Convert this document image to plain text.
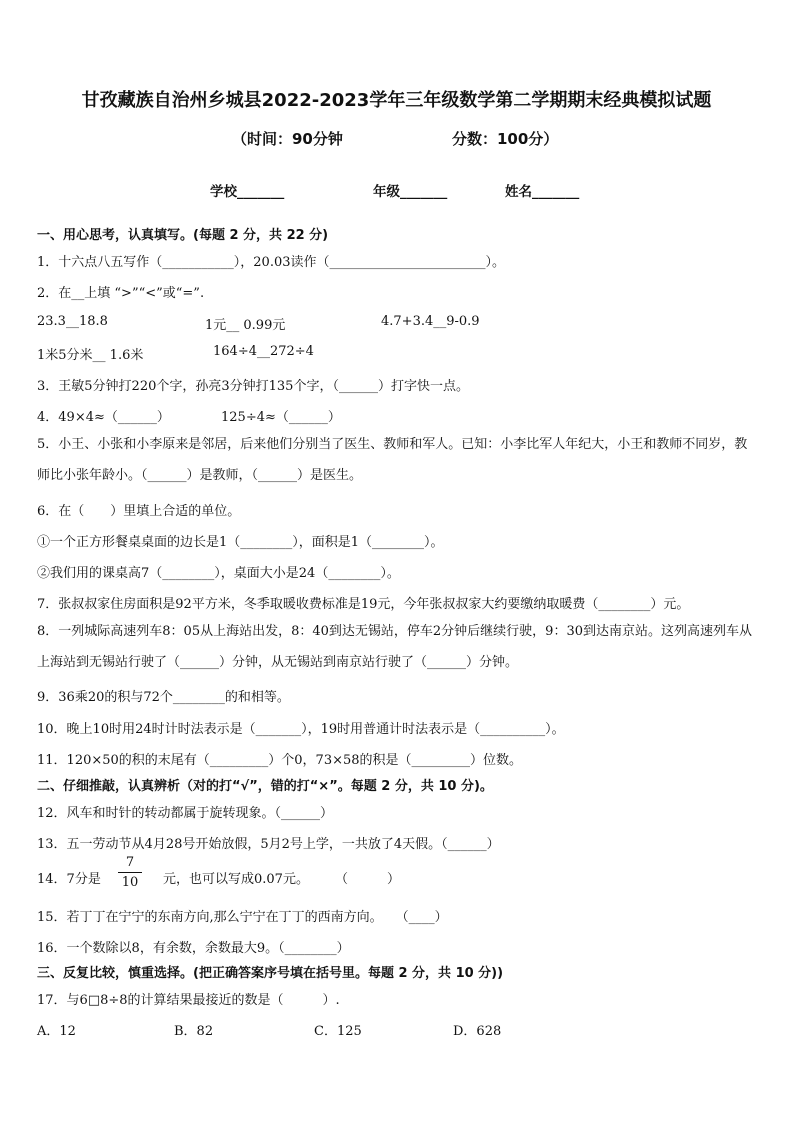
甘孜藏族自治州乡城县2022-2023学年三年级数学第二学期期末经典模拟试题
（时间：90分钟	分数：100分）
学校_______	年级_______	姓名_______
一、用心思考，认真填写。(每题 2 分，共 22 分)
1．十六点八五写作（___________），20.03读作（________________________）。
2．在__上填 “>”“<”或“=”.
23.3__18.8	1元__ 0.99元	4.7+3.4__9-0.9
1米5分米__ 1.6米	164÷4__272÷4
3．王敏5分钟打220个字，孙亮3分钟打135个字，（______）打字快一点。
4．49×4≈（______）	125÷4≈（______）
5．小王、小张和小李原来是邻居，后来他们分别当了医生、教师和军人。已知：小李比军人年纪大，小王和教师不同岁，教师比小张年龄小。（______）是教师，（______）是医生。
6．在（　　）里填上合适的单位。
①一个正方形餐桌桌面的边长是1（________），面积是1（________）。
②我们用的课桌高7（________），桌面大小是24（________）。
7．张叔叔家住房面积是92平方米，冬季取暖收费标准是19元，今年张叔叔家大约要缴纳取暖费（________）元。
8．一列城际高速列车8：05从上海站出发，8：40到达无锡站，停车2分钟后继续行驶，9：30到达南京站。这列高速列车从上海站到无锡站行驶了（______）分钟，从无锡站到南京站行驶了（______）分钟。
9．36乘20的积与72个________的和相等。
10．晚上10时用24时计时法表示是（_______），19时用普通计时法表示是（__________）。
11．120×50的积的末尾有（_________）个0，73×58的积是（_________）位数。
二、仔细推敲，认真辨析（对的打“√”，错的打“×”。每题 2 分，共 10 分)。
12．风车和时针的转动都属于旋转现象。（______）
13．五一劳动节从4月28号开始放假，5月2号上学，一共放了4天假。（______）
14．7分是 $\frac{7}{10}$ 元，也可以写成0.07元。　　　（　　　）
15．若丁丁在宁宁的东南方向,那么宁宁在丁丁的西南方向。　　（____）
16．一个数除以8，有余数，余数最大9。（________）
三、反复比较，慎重选择。(把正确答案序号填在括号里。每题 2 分，共 10 分))
17．与6□8÷8的计算结果最接近的数是（　　　）.
A．12	B．82	C．125	D．628
